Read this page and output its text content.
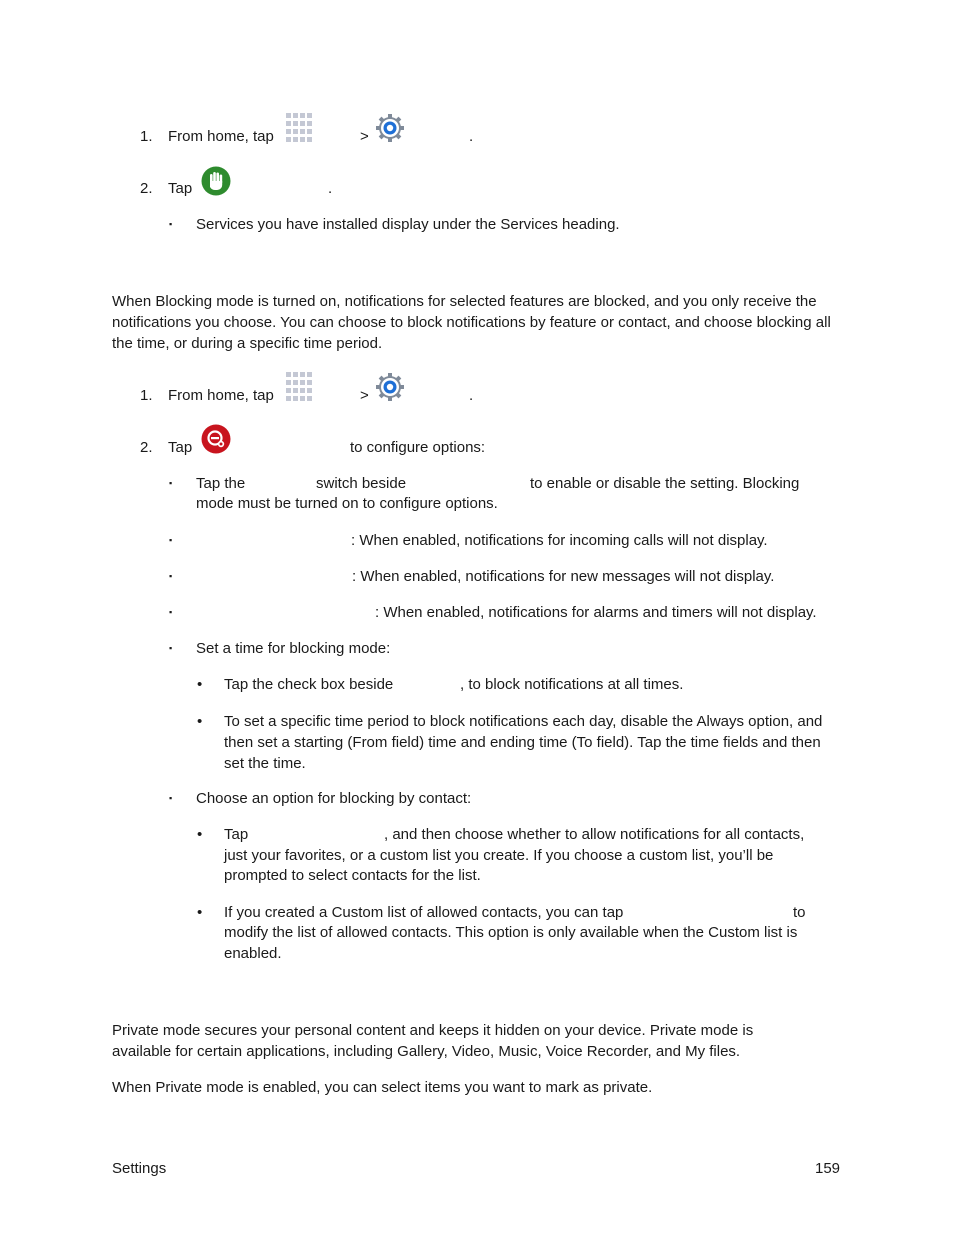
1. From home, tap	>	.
2. Tap	.
▪ Services you have installed display under the Services heading.
When Blocking mode is turned on, notifications for selected features are blocked, and you only receive the notifications you choose. You can choose to block notifications by feature or contact, and choose blocking all the time, or during a specific time period.
1. From home, tap	>	.
2. Tap	to configure options:
▪ Tap the	switch beside	to enable or disable the setting. Blocking
mode must be turned on to configure options.
▪	: When enabled, notifications for incoming calls will not display.
▪	: When enabled, notifications for new messages will not display.
▪	: When enabled, notifications for alarms and timers will not display.
▪ Set a time for blocking mode:
• Tap the check box beside	, to block notifications at all times.
• To set a specific time period to block notifications each day, disable the Always option, and then set a starting (From field) time and ending time (To field). Tap the time fields and then set the time.
▪ Choose an option for blocking by contact:
• Tap	, and then choose whether to allow notifications for all contacts,
just your favorites, or a custom list you create. If you choose a custom list, you’ll be
prompted to select contacts for the list.
• If you created a Custom list of allowed contacts, you can tap	to
modify the list of allowed contacts. This option is only available when the Custom list is
enabled.
Private mode secures your personal content and keeps it hidden on your device. Private mode is available for certain applications, including Gallery, Video, Music, Voice Recorder, and My files.
When Private mode is enabled, you can select items you want to mark as private.
Settings	159
